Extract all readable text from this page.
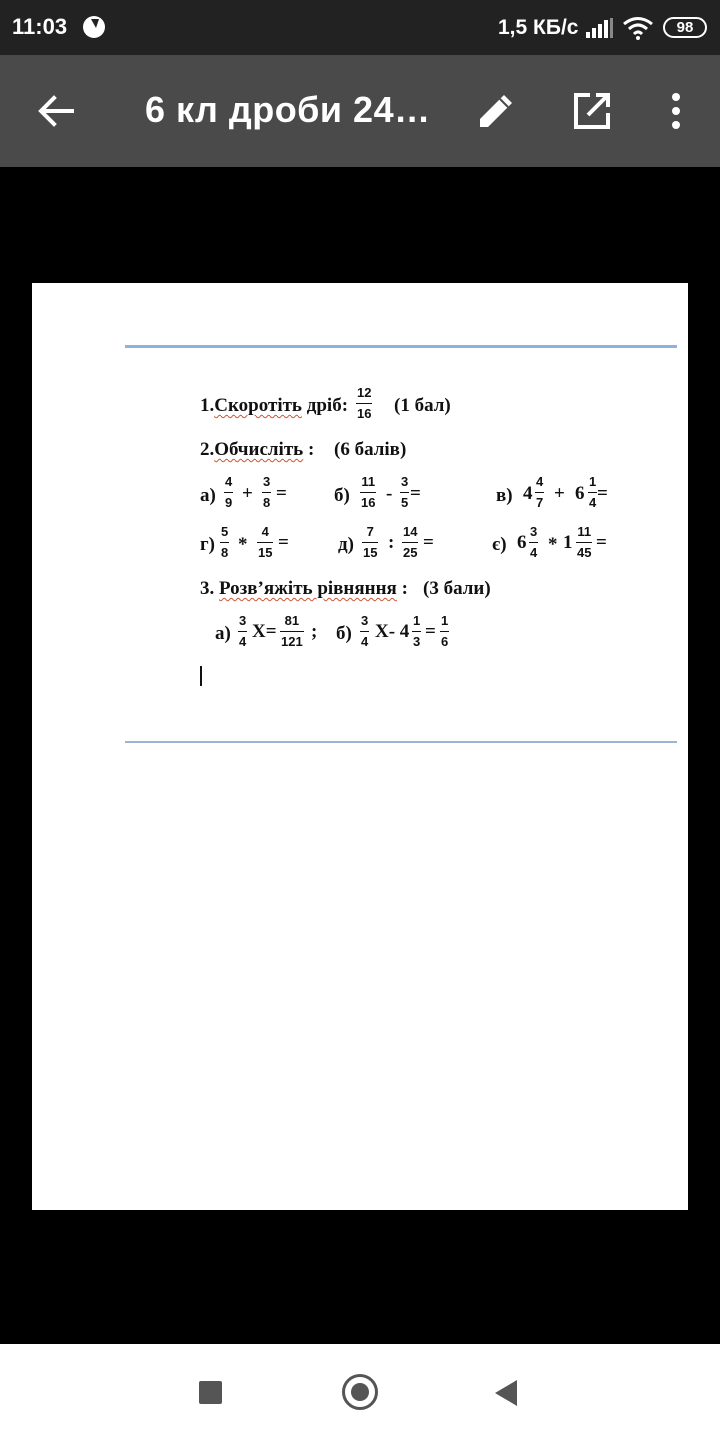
11:03	1,5 КБ/с	98
6 кл дроби 24…
1.Скоротіть дріб:
12
16 (1 бал)
2.Обчисліть : (6 балів)
а)
4
9 +
3
8 = б)
11
16 -
3
5 =	в) 4
4
7 + 6
1
4 =
г)
5
8 *
4
15 =	д)
7
15 :
14
25 =	є) 6
3
4 * 1
11
45 =
3. Розв’яжіть рівняння : (3 бали)
а)
3
4 X=
81
121 ; б)
3
4 X- 4
1
3 =
1
6
